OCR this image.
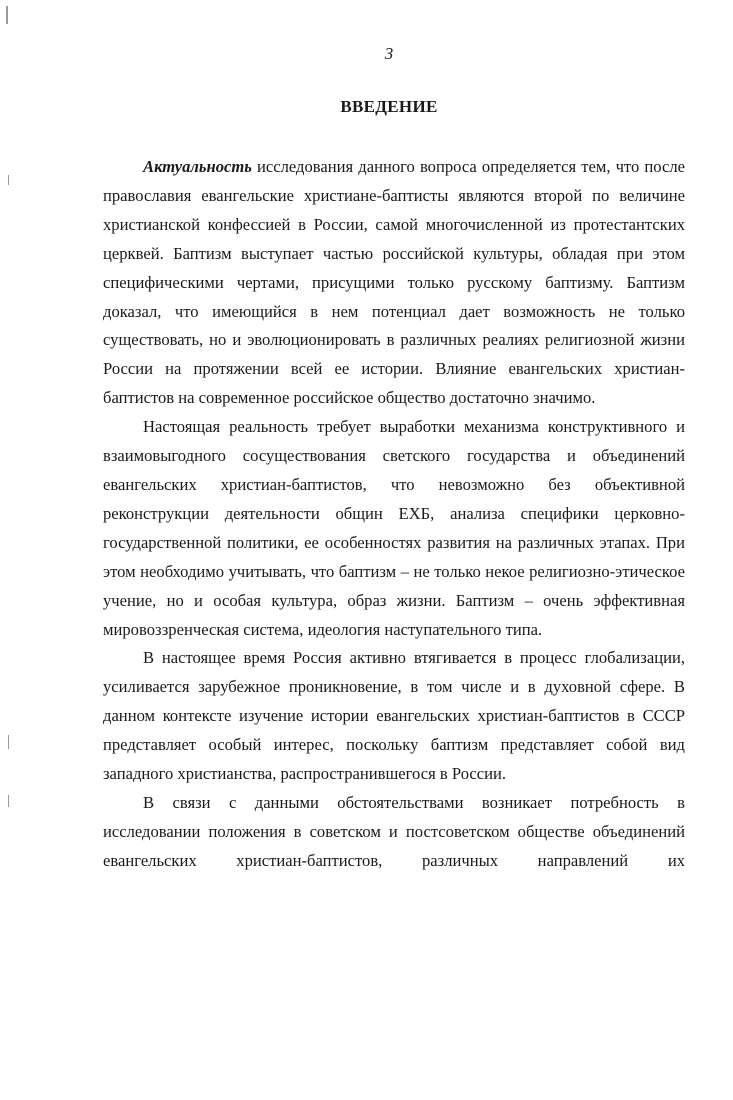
3
ВВЕДЕНИЕ

Актуальность исследования данного вопроса определяется тем, что после православия евангельские христиане-баптисты являются второй по величине христианской конфессией в России, самой многочисленной из протестантских церквей. Баптизм выступает частью российской культуры, обладая при этом специфическими чертами, присущими только русскому баптизму. Баптизм доказал, что имеющийся в нем потенциал дает возможность не только существовать, но и эволюционировать в различных реалиях религиозной жизни России на протяжении всей ее истории. Влияние евангельских христиан-баптистов на современное российское общество достаточно значимо.

Настоящая реальность требует выработки механизма конструктивного и взаимовыгодного сосуществования светского государства и объединений евангельских христиан-баптистов, что невозможно без объективной реконструкции деятельности общин ЕХБ, анализа специфики церковно-государственной политики, ее особенностях развития на различных этапах. При этом необходимо учитывать, что баптизм – не только некое религиозно-этическое учение, но и особая культура, образ жизни. Баптизм – очень эффективная мировоззренческая система, идеология наступательного типа.

В настоящее время Россия активно втягивается в процесс глобализации, усиливается зарубежное проникновение, в том числе и в духовной сфере. В данном контексте изучение истории евангельских христиан-баптистов в СССР представляет особый интерес, поскольку баптизм представляет собой вид западного христианства, распространившегося в России.

В связи с данными обстоятельствами возникает потребность в исследовании положения в советском и постсоветском обществе объединений евангельских христиан-баптистов, различных направлений их
